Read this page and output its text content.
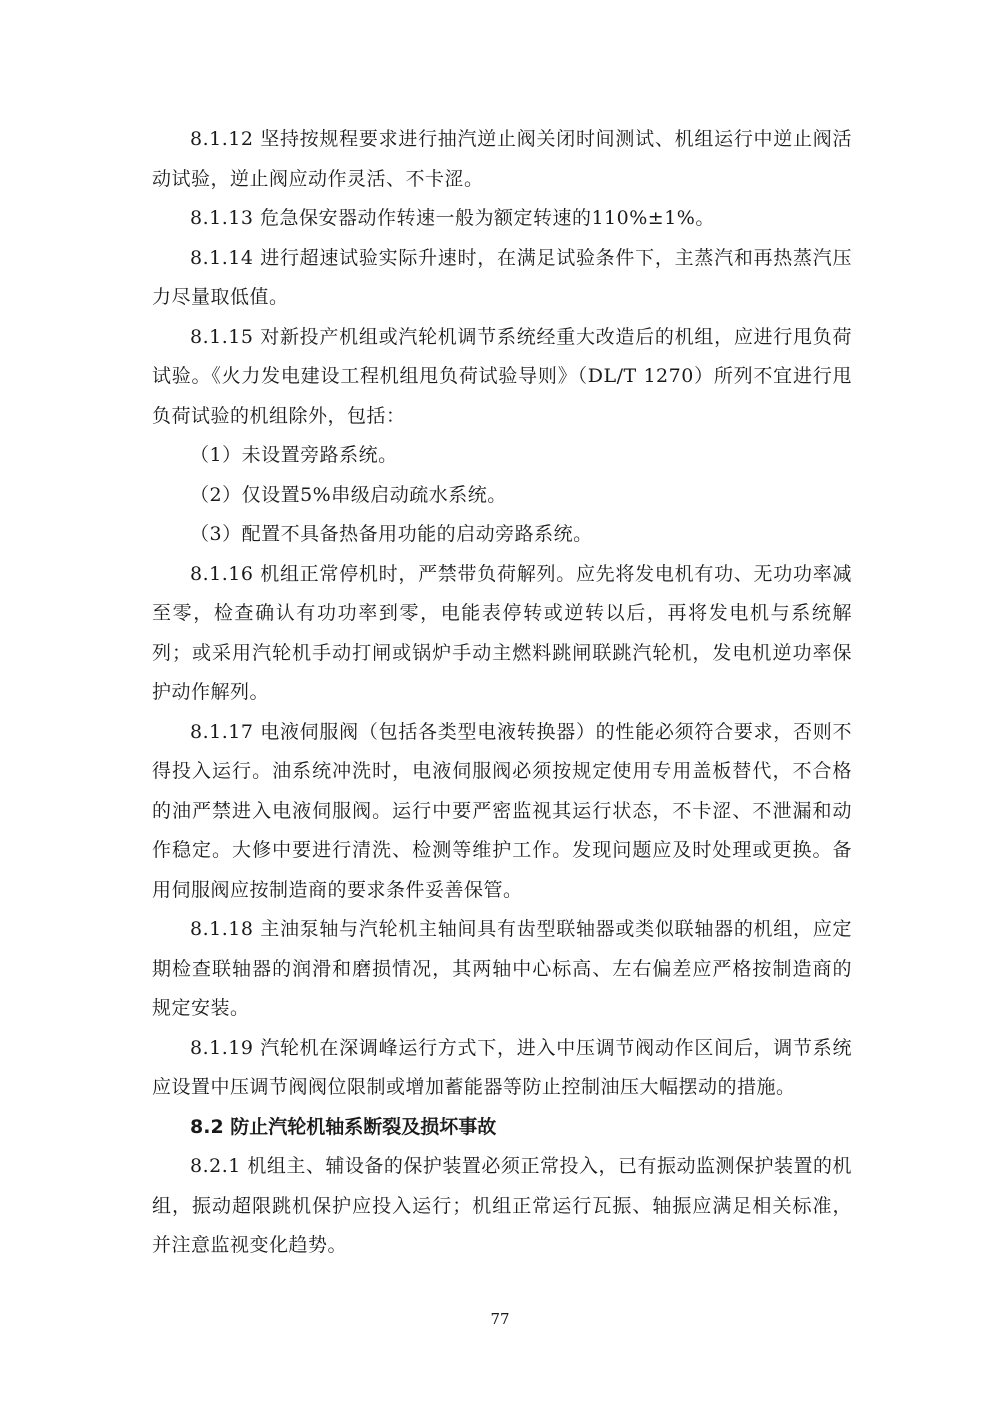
8.1.12 坚持按规程要求进行抽汽逆止阀关闭时间测试、机组运行中逆止阀活动试验，逆止阀应动作灵活、不卡涩。

8.1.13 危急保安器动作转速一般为额定转速的110%±1%。

8.1.14 进行超速试验实际升速时，在满足试验条件下，主蒸汽和再热蒸汽压力尽量取低值。

8.1.15 对新投产机组或汽轮机调节系统经重大改造后的机组，应进行甩负荷试验。《火力发电建设工程机组甩负荷试验导则》（DL/T 1270）所列不宜进行甩负荷试验的机组除外，包括：

（1）未设置旁路系统。

（2）仅设置5%串级启动疏水系统。

（3）配置不具备热备用功能的启动旁路系统。

8.1.16 机组正常停机时，严禁带负荷解列。应先将发电机有功、无功功率减至零，检查确认有功功率到零，电能表停转或逆转以后，再将发电机与系统解列；或采用汽轮机手动打闸或锅炉手动主燃料跳闸联跳汽轮机，发电机逆功率保护动作解列。

8.1.17 电液伺服阀（包括各类型电液转换器）的性能必须符合要求，否则不得投入运行。油系统冲洗时，电液伺服阀必须按规定使用专用盖板替代，不合格的油严禁进入电液伺服阀。运行中要严密监视其运行状态，不卡涩、不泄漏和动作稳定。大修中要进行清洗、检测等维护工作。发现问题应及时处理或更换。备用伺服阀应按制造商的要求条件妥善保管。

8.1.18 主油泵轴与汽轮机主轴间具有齿型联轴器或类似联轴器的机组，应定期检查联轴器的润滑和磨损情况，其两轴中心标高、左右偏差应严格按制造商的规定安装。

8.1.19 汽轮机在深调峰运行方式下，进入中压调节阀动作区间后，调节系统应设置中压调节阀阀位限制或增加蓄能器等防止控制油压大幅摆动的措施。

8.2 防止汽轮机轴系断裂及损坏事故

8.2.1 机组主、辅设备的保护装置必须正常投入，已有振动监测保护装置的机组，振动超限跳机保护应投入运行；机组正常运行瓦振、轴振应满足相关标准，并注意监视变化趋势。

77
